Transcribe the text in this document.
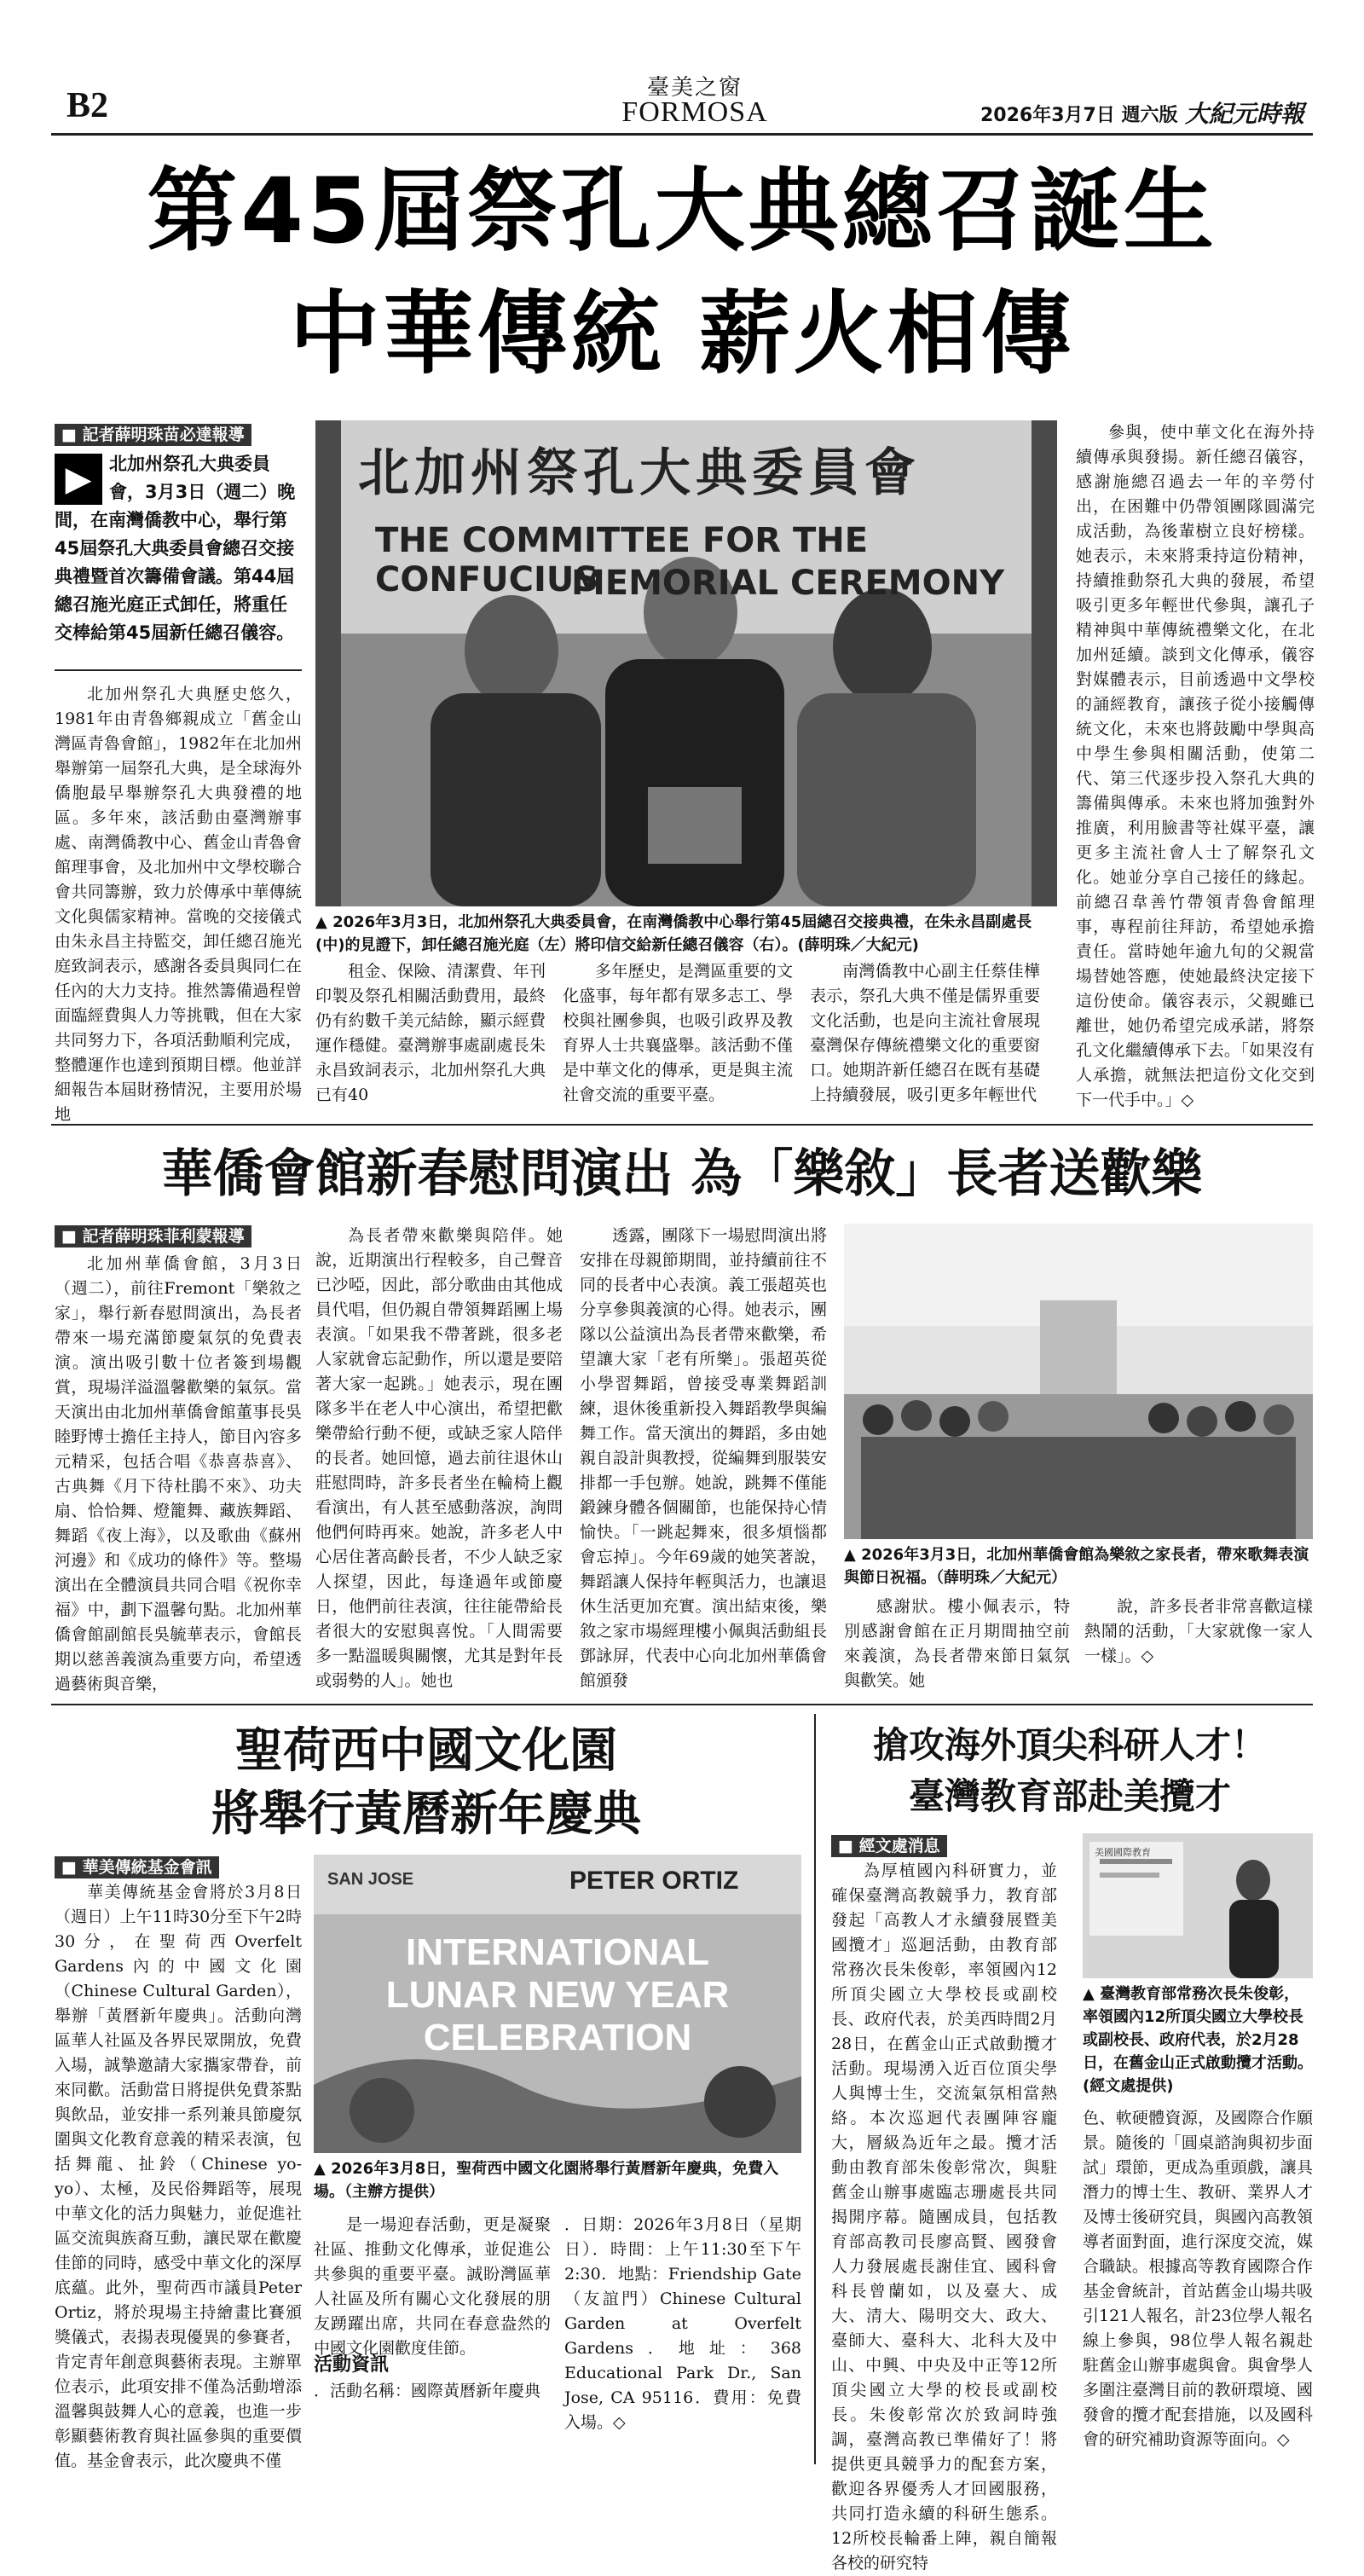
B2	臺美之窗
FORMOSA	2026年3月7日 週六版 大紀元時報
第45屆祭孔大典總召誕生
中華傳統 薪火相傳
■ 記者薛明珠苗必達報導
▶ 北加州祭孔大典委員會，3月3日（週二）晚間，在南灣僑教中心，舉行第45屆祭孔大典委員會總召交接典禮暨首次籌備會議。第44屆總召施光庭正式卸任，將重任交棒給第45屆新任總召儀容。
北加州祭孔大典歷史悠久，1981年由青魯鄉親成立「舊金山灣區青魯會館」，1982年在北加州舉辦第一屆祭孔大典，是全球海外僑胞最早舉辦祭孔大典發禮的地區。多年來，該活動由臺灣辦事處、南灣僑教中心、舊金山青魯會館理事會，及北加州中文學校聯合會共同籌辦，致力於傳承中華傳統文化與儒家精神。當晚的交接儀式由朱永昌主持監交，卸任總召施光庭致詞表示，感謝各委員與同仁在任內的大力支持。推然籌備過程曾面臨經費與人力等挑戰，但在大家共同努力下，各項活動順利完成，整體運作也達到預期目標。他並詳細報告本屆財務情況，主要用於場地
北加州祭孔大典委員會
THE COMMITTEE FOR THE CONFUCIUS
MEMORIAL CEREMONY
▲ 2026年3月3日，北加州祭孔大典委員會，在南灣僑教中心舉行第45屆總召交接典禮，在朱永昌副處長(中)的見證下，卸任總召施光庭（左）將印信交給新任總召儀容（右）。(薛明珠／大紀元)
租金、保險、清潔費、年刊印製及祭孔相關活動費用，最終仍有約數千美元結餘，顯示經費運作穩健。臺灣辦事處副處長朱永昌致詞表示，北加州祭孔大典已有40
多年歷史，是灣區重要的文化盛事，每年都有眾多志工、學校與社團參與，也吸引政界及教育界人士共襄盛舉。該活動不僅是中華文化的傳承，更是與主流社會交流的重要平臺。
南灣僑教中心副主任蔡佳樺表示，祭孔大典不僅是儒界重要文化活動，也是向主流社會展現臺灣保存傳統禮樂文化的重要窗口。她期許新任總召在既有基礎上持續發展，吸引更多年輕世代
參與，使中華文化在海外持續傳承與發揚。新任總召儀容，感謝施總召過去一年的辛勞付出，在困難中仍帶領團隊圓滿完成活動，為後輩樹立良好榜樣。她表示，未來將秉持這份精神，持續推動祭孔大典的發展，希望吸引更多年輕世代參與，讓孔子精神與中華傳統禮樂文化，在北加州延續。談到文化傳承，儀容對媒體表示，目前透過中文學校的誦經教育，讓孩子從小接觸傳統文化，未來也將鼓勵中學與高中學生參與相關活動，使第二代、第三代逐步投入祭孔大典的籌備與傳承。未來也將加強對外推廣，利用臉書等社媒平臺，讓更多主流社會人士了解祭孔文化。她並分享自己接任的緣起。前總召韋善竹帶領青魯會館理事，專程前往拜訪，希望她承擔責任。當時她年逾九旬的父親當場替她答應，使她最終決定接下這份使命。儀容表示，父親雖已離世，她仍希望完成承諾，將祭孔文化繼續傳承下去。「如果沒有人承擔，就無法把這份文化交到下一代手中。」◇
華僑會館新春慰問演出 為「樂敘」長者送歡樂
■ 記者薛明珠菲利蒙報導
北加州華僑會館，3月3日（週二），前往Fremont「樂敘之家」，舉行新春慰問演出，為長者帶來一場充滿節慶氣氛的免費表演。演出吸引數十位者簽到場觀賞，現場洋溢溫馨歡樂的氣氛。當天演出由北加州華僑會館董事長吳睦野博士擔任主持人，節目內容多元精采，包括合唱《恭喜恭喜》、古典舞《月下待杜鵑不來》、功夫扇、恰恰舞、燈籠舞、藏族舞蹈、舞蹈《夜上海》，以及歌曲《蘇州河邊》和《成功的條件》等。整場演出在全體演員共同合唱《祝你幸福》中，劃下溫馨句點。北加州華僑會館副館長吳毓華表示，會館長期以慈善義演為重要方向，希望透過藝術與音樂，
為長者帶來歡樂與陪伴。她說，近期演出行程較多，自己聲音已沙啞，因此，部分歌曲由其他成員代唱，但仍親自帶領舞蹈團上場表演。「如果我不帶著跳，很多老人家就會忘記動作，所以還是要陪著大家一起跳。」她表示，現在團隊多半在老人中心演出，希望把歡樂帶給行動不便，或缺乏家人陪伴的長者。她回憶，過去前往退休山莊慰問時，許多長者坐在輪椅上觀看演出，有人甚至感動落淚，詢問他們何時再來。她說，許多老人中心居住著高齡長者，不少人缺乏家人探望，因此，每逢過年或節慶日，他們前往表演，往往能帶給長者很大的安慰與喜悅。「人間需要多一點溫暖與關懷，尤其是對年長或弱勢的人」。她也
透露，團隊下一場慰問演出將安排在母親節期間，並持續前往不同的長者中心表演。義工張超英也分享參與義演的心得。她表示，團隊以公益演出為長者帶來歡樂，希望讓大家「老有所樂」。張超英從小學習舞蹈，曾接受專業舞蹈訓練，退休後重新投入舞蹈教學與編舞工作。當天演出的舞蹈，多由她親自設計與教授，從編舞到服裝安排都一手包辦。她說，跳舞不僅能鍛鍊身體各個關節，也能保持心情愉快。「一跳起舞來，很多煩惱都會忘掉」。今年69歲的她笑著說，舞蹈讓人保持年輕與活力，也讓退休生活更加充實。演出結束後，樂敘之家市場經理樓小佩與活動組長鄧詠屏，代表中心向北加州華僑會館頒發
▲ 2026年3月3日，北加州華僑會館為樂敘之家長者，帶來歌舞表演與節日祝福。（薛明珠／大紀元）
感謝狀。樓小佩表示，特別感謝會館在正月期間抽空前來義演，為長者帶來節日氣氛與歡笑。她
說，許多長者非常喜歡這樣熱鬧的活動，「大家就像一家人一樣」。◇
聖荷西中國文化園
將舉行黃曆新年慶典
■ 華美傳統基金會訊
華美傳統基金會將於3月8日（週日）上午11時30分至下午2時30分，在聖荷西Overfelt Gardens內的中國文化園（Chinese Cultural Garden），舉辦「黃曆新年慶典」。活動向灣區華人社區及各界民眾開放，免費入場，誠摯邀請大家攜家帶眷，前來同歡。活動當日將提供免費茶點與飲品，並安排一系列兼具節慶氛圍與文化教育意義的精采表演，包括舞龍、扯鈴（Chinese yo-yo）、太極，及民俗舞蹈等，展現中華文化的活力與魅力，並促進社區交流與族裔互動，讓民眾在歡慶佳節的同時，感受中華文化的深厚底蘊。此外，聖荷西市議員Peter Ortiz，將於現場主持繪畫比賽頒獎儀式，表揚表現優異的參賽者，肯定青年創意與藝術表現。主辦單位表示，此項安排不僅為活動增添溫馨與鼓舞人心的意義，也進一步彰顯藝術教育與社區參與的重要價值。基金會表示，此次慶典不僅
SAN JOSE	PETER ORTIZ
INTERNATIONAL
LUNAR NEW YEAR
CELEBRATION
▲ 2026年3月8日，聖荷西中國文化園將舉行黃曆新年慶典，免費入場。（主辦方提供）
是一場迎春活動，更是凝聚社區、推動文化傳承，並促進公共參與的重要平臺。誠盼灣區華人社區及所有關心文化發展的朋友踴躍出席，共同在春意盎然的中國文化園歡度佳節。
活動資訊
．活動名稱：國際黃曆新年慶典
．日期：2026年3月8日（星期日）．時間：上午11:30至下午2:30．地點：Friendship Gate（友誼門）Chinese Cultural Garden at Overfelt Gardens．地址：368 Educational Park Dr., San Jose, CA 95116．費用：免費入場。◇
搶攻海外頂尖科研人才！
臺灣教育部赴美攬才
■ 經文處消息
為厚植國內科研實力，並確保臺灣高教競爭力，教育部發起「高教人才永續發展暨美國攬才」巡迴活動，由教育部常務次長朱俊彰，率領國內12所頂尖國立大學校長或副校長、政府代表，於美西時間2月28日，在舊金山正式啟動攬才活動。現場湧入近百位頂尖學人與博士生，交流氣氛相當熱絡。本次巡迴代表團陣容龐大，層級為近年之最。攬才活動由教育部朱俊彰常次，與駐舊金山辦事處臨志珊處長共同揭開序幕。隨團成員，包括教育部高教司長廖高賢、國發會人力發展處長謝佳宜、國科會科長曾蘭如，以及臺大、成大、清大、陽明交大、政大、臺師大、臺科大、北科大及中山、中興、中央及中正等12所頂尖國立大學的校長或副校長。朱俊彰常次於致詞時強調，臺灣高教已準備好了！將提供更具競爭力的配套方案，歡迎各界優秀人才回國服務，共同打造永續的科研生態系。12所校長輪番上陣，親自簡報各校的研究特
美國國際教育
▲ 臺灣教育部常務次長朱俊彰，率領國內12所頂尖國立大學校長或副校長、政府代表，於2月28日，在舊金山正式啟動攬才活動。(經文處提供)
色、軟硬體資源，及國際合作願景。隨後的「圓桌諮詢與初步面試」環節，更成為重頭戲，讓具潛力的博士生、教研、業界人才及博士後研究員，與國內高教領導者面對面，進行深度交流，媒合職缺。根據高等教育國際合作基金會統計，首站舊金山場共吸引121人報名，計23位學人報名線上參與，98位學人報名親赴駐舊金山辦事處與會。與會學人多圍注臺灣目前的教研環境、國發會的攬才配套措施，以及國科會的研究補助資源等面向。◇
